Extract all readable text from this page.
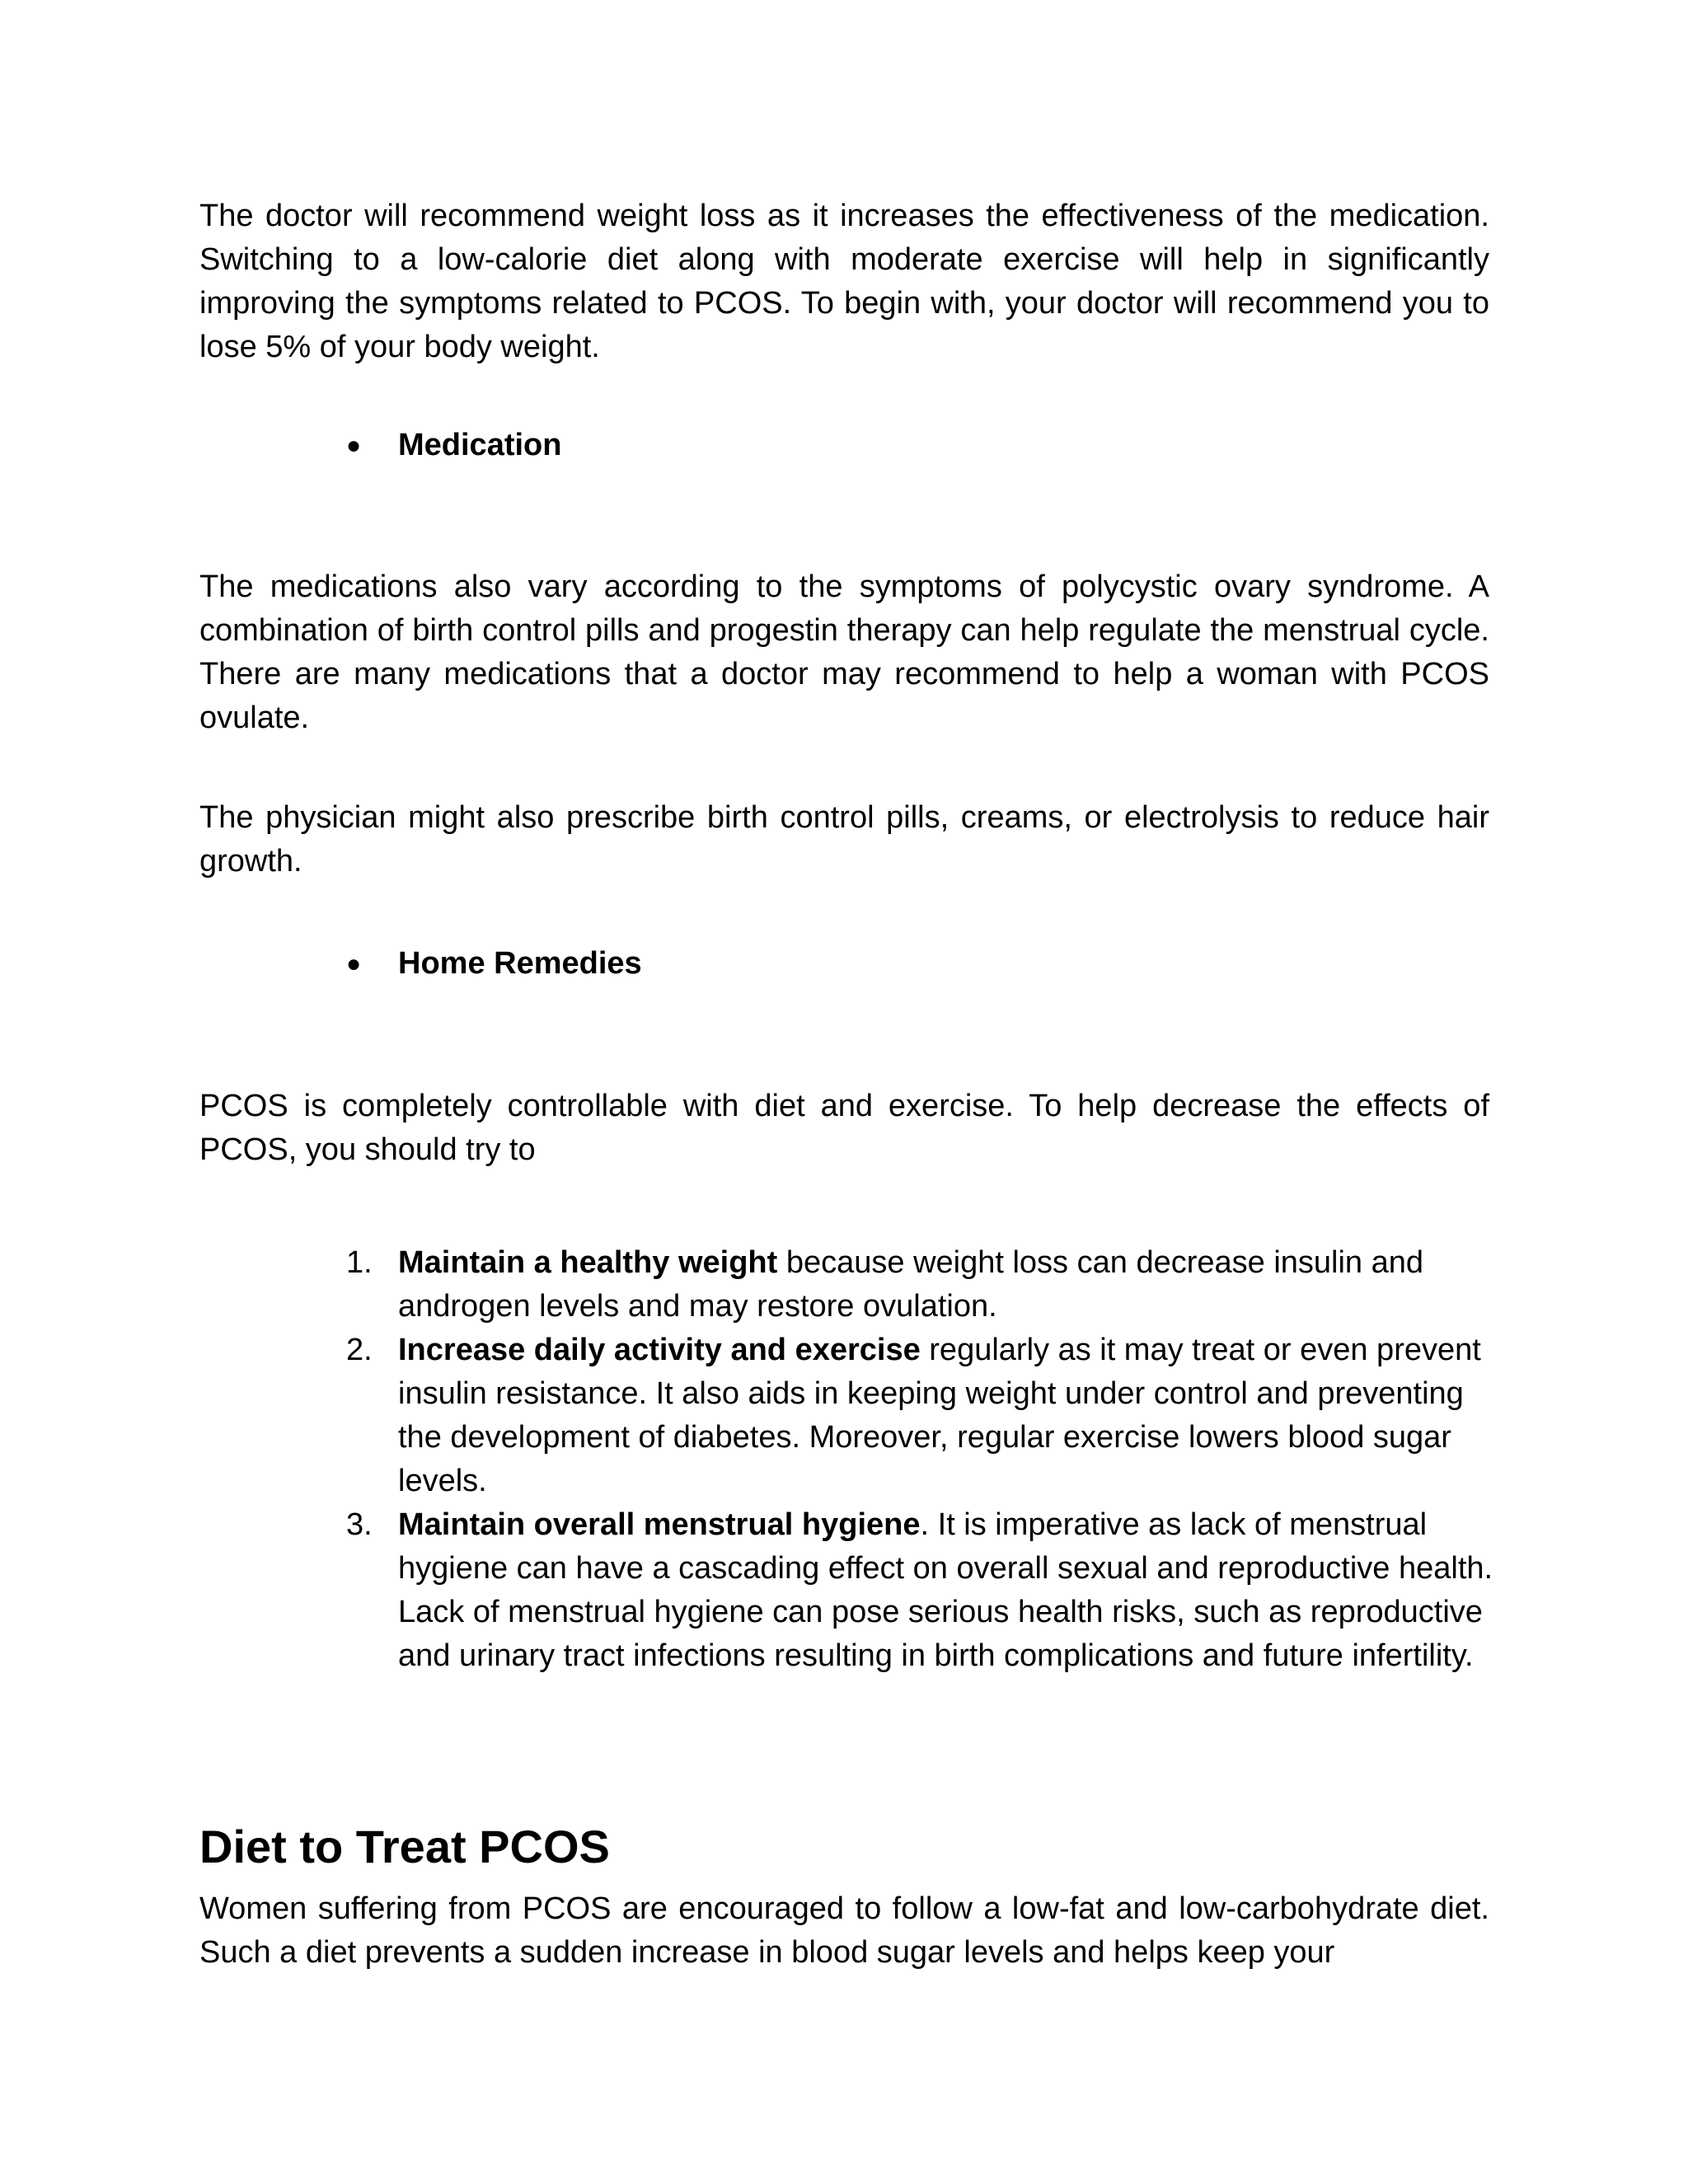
The doctor will recommend weight loss as it increases the effectiveness of the medication. Switching to a low-calorie diet along with moderate exercise will help in significantly improving the symptoms related to PCOS. To begin with, your doctor will recommend you to lose 5% of your body weight.

● Medication

The medications also vary according to the symptoms of polycystic ovary syndrome. A combination of birth control pills and progestin therapy can help regulate the menstrual cycle. There are many medications that a doctor may recommend to help a woman with PCOS ovulate.

The physician might also prescribe birth control pills, creams, or electrolysis to reduce hair growth.

● Home Remedies

PCOS is completely controllable with diet and exercise. To help decrease the effects of PCOS, you should try to

1. Maintain a healthy weight because weight loss can decrease insulin and androgen levels and may restore ovulation.
2. Increase daily activity and exercise regularly as it may treat or even prevent insulin resistance. It also aids in keeping weight under control and preventing the development of diabetes. Moreover, regular exercise lowers blood sugar levels.
3. Maintain overall menstrual hygiene. It is imperative as lack of menstrual hygiene can have a cascading effect on overall sexual and reproductive health. Lack of menstrual hygiene can pose serious health risks, such as reproductive and urinary tract infections resulting in birth complications and future infertility.
Diet to Treat PCOS

Women suffering from PCOS are encouraged to follow a low-fat and low-carbohydrate diet. Such a diet prevents a sudden increase in blood sugar levels and helps keep your
